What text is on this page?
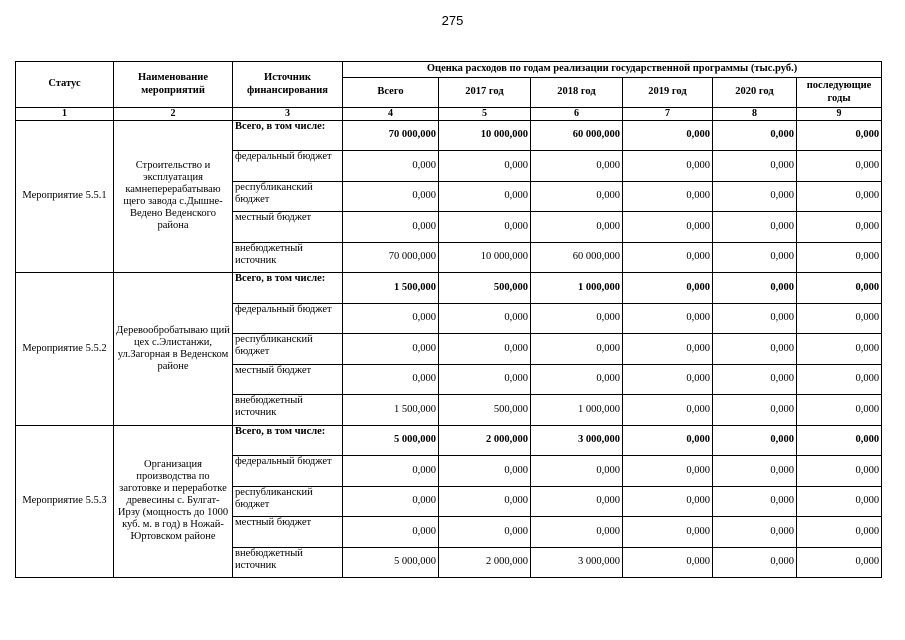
275
Статус	Наименование мероприятий	Источник финансирования	Оценка расходов по годам реализации государственной программы (тыс.руб.)					
			Всего	2017 год	2018 год	2019 год	2020 год	последующие годы
1	2	3	4	5	6	7	8	9
Мероприятие 5.5.1	Строительство и эксплуатация камнеперерабатываю щего завода с.Дышне-Ведено Веденского района	Всего, в том числе:	70 000,000	10 000,000	60 000,000	0,000	0,000	0,000
		федеральный бюджет	0,000	0,000	0,000	0,000	0,000	0,000
		республиканский бюджет	0,000	0,000	0,000	0,000	0,000	0,000
		местный бюджет	0,000	0,000	0,000	0,000	0,000	0,000
		внебюджетный источник	70 000,000	10 000,000	60 000,000	0,000	0,000	0,000
Мероприятие 5.5.2	Деревообробатываю щий цех с.Элистанжи, ул.Загорная в Веденском районе	Всего, в том числе:	1 500,000	500,000	1 000,000	0,000	0,000	0,000
		федеральный бюджет	0,000	0,000	0,000	0,000	0,000	0,000
		республиканский бюджет	0,000	0,000	0,000	0,000	0,000	0,000
		местный бюджет	0,000	0,000	0,000	0,000	0,000	0,000
		внебюджетный источник	1 500,000	500,000	1 000,000	0,000	0,000	0,000
Мероприятие 5.5.3	Организация производства по заготовке и переработке древесины с. Булгат-Ирзу (мощность до 1000 куб. м. в год) в Ножай-Юртовском районе	Всего, в том числе:	5 000,000	2 000,000	3 000,000	0,000	0,000	0,000
		федеральный бюджет	0,000	0,000	0,000	0,000	0,000	0,000
		республиканский бюджет	0,000	0,000	0,000	0,000	0,000	0,000
		местный бюджет	0,000	0,000	0,000	0,000	0,000	0,000
		внебюджетный источник	5 000,000	2 000,000	3 000,000	0,000	0,000	0,000
